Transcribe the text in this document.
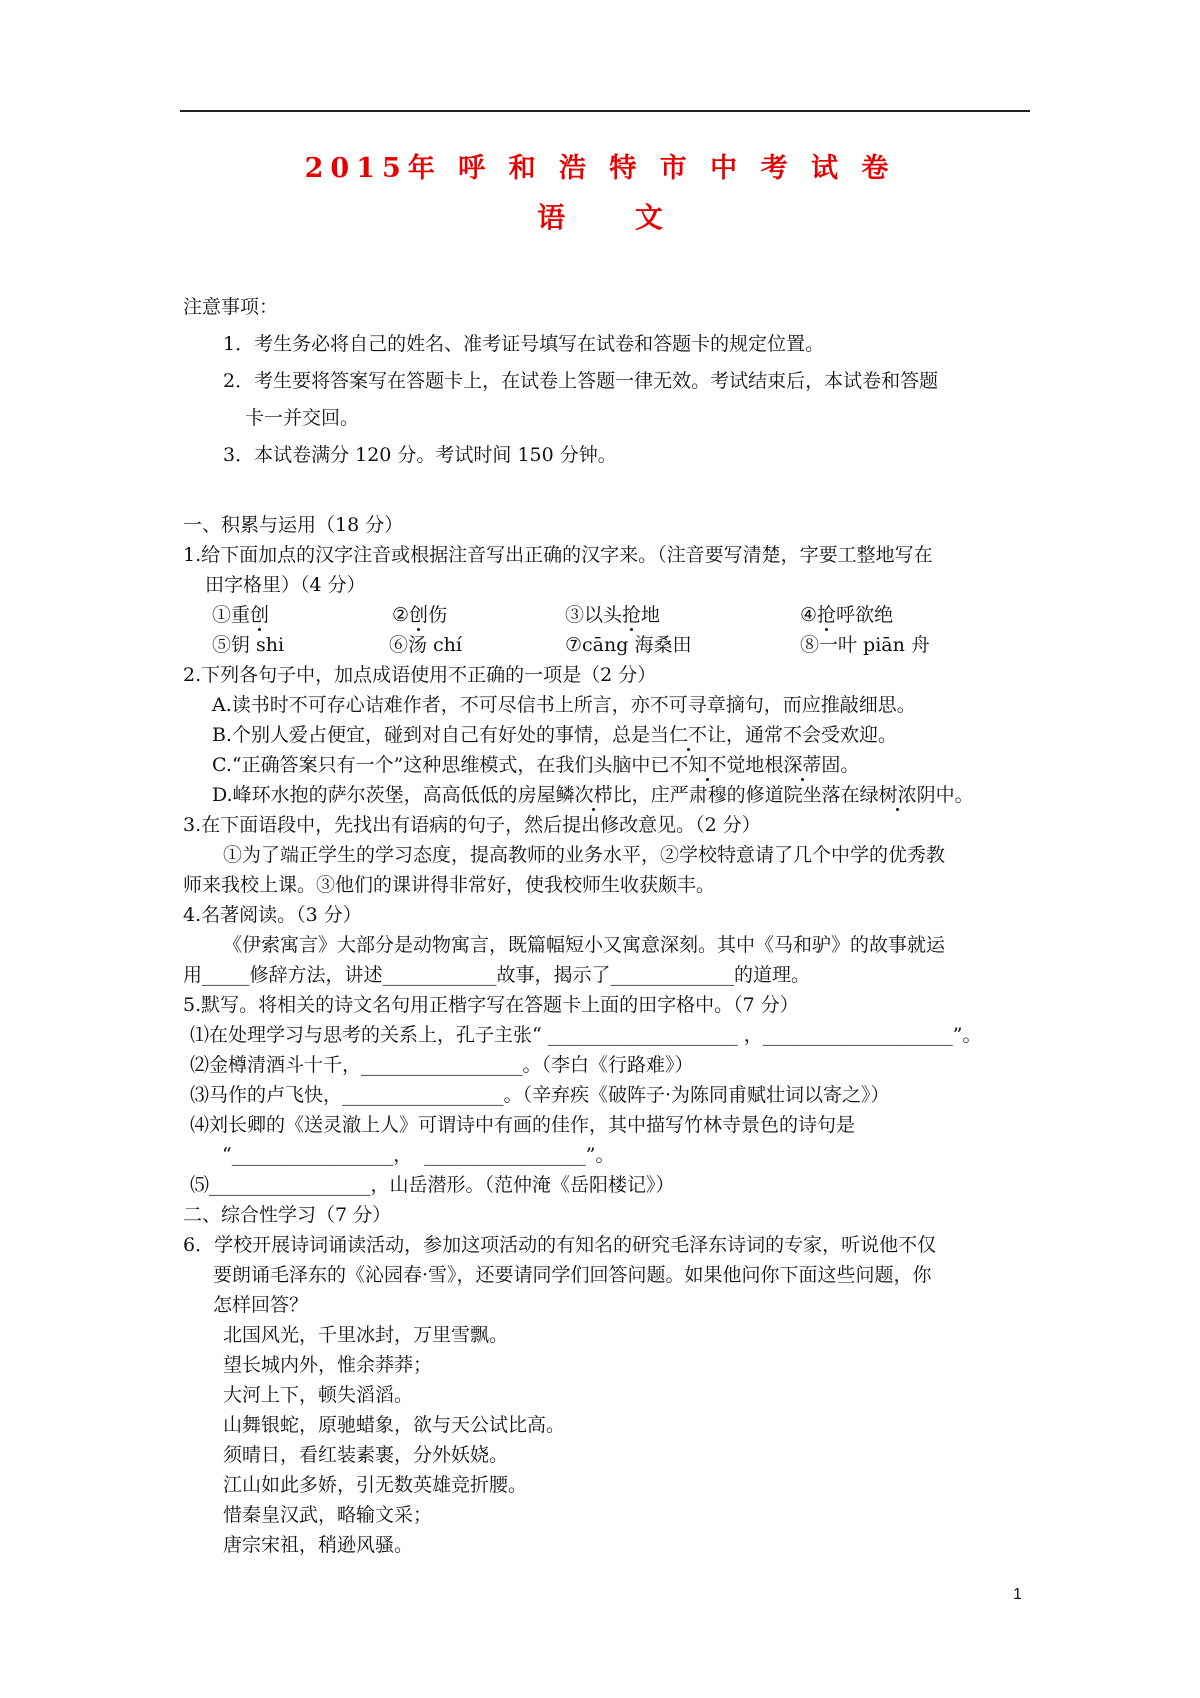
2015年 呼 和 浩 特 市 中 考 试 卷
语 文
注意事项：
1．考生务必将自己的姓名、准考证号填写在试卷和答题卡的规定位置。
2．考生要将答案写在答题卡上，在试卷上答题一律无效。考试结束后，本试卷和答题
卡一并交回。
3．本试卷满分 120 分。考试时间 150 分钟。
一、积累与运用（18 分）
1.给下面加点的汉字注音或根据注音写出正确的汉字来。（注音要写清楚，字要工整地写在
田字格里）（4 分）
①重创	②创伤	③以头抢地	④抢呼欲绝
⑤钥 shi	⑥汤 chí	⑦cāng 海桑田	⑧一叶 piān 舟
2.下列各句子中，加点成语使用不正确的一项是（2 分）
A.读书时不可存心诘难作者，不可尽信书上所言，亦不可寻章摘句，而应推敲细思。
B.个别人爱占便宜，碰到对自己有好处的事情，总是当仁不让，通常不会受欢迎。
C.“正确答案只有一个”这种思维模式，在我们头脑中已不知不觉地根深蒂固。
D.峰环水抱的萨尔茨堡，高高低低的房屋鳞次栉比，庄严肃穆的修道院坐落在绿树浓阴中。
3.在下面语段中，先找出有语病的句子，然后提出修改意见。（2 分）
①为了端正学生的学习态度，提高教师的业务水平，②学校特意请了几个中学的优秀教
师来我校上课。③他们的课讲得非常好，使我校师生收获颇丰。
4.名著阅读。（3 分）
《伊索寓言》大部分是动物寓言，既篇幅短小又寓意深刻。其中《马和驴》的故事就运
用_____修辞方法，讲述____________故事，揭示了_____________的道理。
5.默写。将相关的诗文名句用正楷字写在答题卡上面的田字格中。（7 分）
⑴在处理学习与思考的关系上，孔子主张“ ____________________ ，____________________”。
⑵金樽清酒斗十千，_________________。（李白《行路难》）
⑶马作的卢飞快，_________________。（辛弃疾《破阵子·为陈同甫赋壮词以寄之》）
⑷刘长卿的《送灵澈上人》可谓诗中有画的佳作，其中描写竹林寺景色的诗句是
“_________________，  _________________”。
⑸_________________，山岳潜形。（范仲淹《岳阳楼记》）
二、综合性学习（7 分）
6．学校开展诗词诵读活动，参加这项活动的有知名的研究毛泽东诗词的专家，听说他不仅
要朗诵毛泽东的《沁园春·雪》，还要请同学们回答问题。如果他问你下面这些问题，你
怎样回答？
北国风光，千里冰封，万里雪飘。
望长城内外，惟余莽莽；
大河上下，顿失滔滔。
山舞银蛇，原驰蜡象，欲与天公试比高。
须晴日，看红装素裹，分外妖娆。
江山如此多娇，引无数英雄竞折腰。
惜秦皇汉武，略输文采；
唐宗宋祖，稍逊风骚。
1
